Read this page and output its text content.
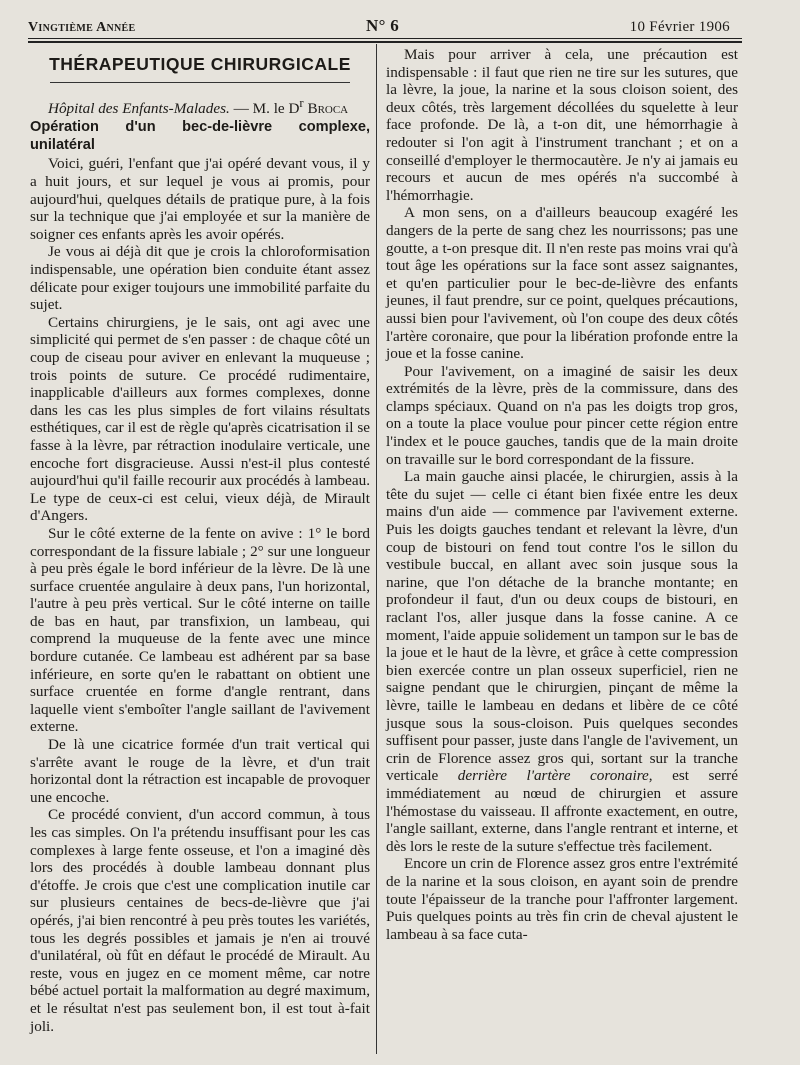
Vingtième Année	N° 6	10 Février 1906
THÉRAPEUTIQUE CHIRURGICALE

Hôpital des Enfants-Malades. — M. le $D^r$ Broca

Opération d'un bec-de-lièvre complexe, unilatéral

Voici, guéri, l'enfant que j'ai opéré devant vous, il y a huit jours, et sur lequel je vous ai promis, pour aujourd'hui, quelques détails de pratique pure, à la fois sur la technique que j'ai employée et sur la manière de soigner ces enfants après les avoir opérés.

Je vous ai déjà dit que je crois la chloroformisation indispensable, une opération bien conduite étant assez délicate pour exiger toujours une immobilité parfaite du sujet.

Certains chirurgiens, je le sais, ont agi avec une simplicité qui permet de s'en passer : de chaque côté un coup de ciseau pour aviver en enlevant la muqueuse ; trois points de suture. Ce procédé rudimentaire, inapplicable d'ailleurs aux formes complexes, donne dans les cas les plus simples de fort vilains résultats esthétiques, car il est de règle qu'après cicatrisation il se fasse à la lèvre, par rétraction inodulaire verticale, une encoche fort disgracieuse. Aussi n'est-il plus contesté aujourd'hui qu'il faille recourir aux procédés à lambeau. Le type de ceux-ci est celui, vieux déjà, de Mirault d'Angers.

Sur le côté externe de la fente on avive : 1° le bord correspondant de la fissure labiale ; 2° sur une longueur à peu près égale le bord inférieur de la lèvre. De là une surface cruentée angulaire à deux pans, l'un horizontal, l'autre à peu près vertical. Sur le côté interne on taille de bas en haut, par transfixion, un lambeau, qui comprend la muqueuse de la fente avec une mince bordure cutanée. Ce lambeau est adhérent par sa base inférieure, en sorte qu'en le rabattant on obtient une surface cruentée en forme d'angle rentrant, dans laquelle vient s'emboîter l'angle saillant de l'avivement externe.

De là une cicatrice formée d'un trait vertical qui s'arrête avant le rouge de la lèvre, et d'un trait horizontal dont la rétraction est incapable de provoquer une encoche.

Ce procédé convient, d'un accord commun, à tous les cas simples. On l'a prétendu insuffisant pour les cas complexes à large fente osseuse, et l'on a imaginé dès lors des procédés à double lambeau donnant plus d'étoffe. Je crois que c'est une complication inutile car sur plusieurs centaines de becs-de-lièvre que j'ai opérés, j'ai bien rencontré à peu près toutes les variétés, tous les degrés possibles et jamais je n'en ai trouvé d'unilatéral, où fût en défaut le procédé de Mirault. Au reste, vous en jugez en ce moment même, car notre bébé actuel portait la malformation au degré maximum, et le résultat n'est pas seulement bon, il est tout à-fait joli.

Mais pour arriver à cela, une précaution est indispensable : il faut que rien ne tire sur les sutures, que la lèvre, la joue, la narine et la sous cloison soient, des deux côtés, très largement décollées du squelette à leur face profonde. De là, a t-on dit, une hémorrhagie à redouter si l'on agit à l'instrument tranchant ; et on a conseillé d'employer le thermocautère. Je n'y ai jamais eu recours et aucun de mes opérés n'a succombé à l'hémorrhagie.

A mon sens, on a d'ailleurs beaucoup exagéré les dangers de la perte de sang chez les nourrissons; pas une goutte, a t-on presque dit. Il n'en reste pas moins vrai qu'à tout âge les opérations sur la face sont assez saignantes, et qu'en particulier pour le bec-de-lièvre des enfants jeunes, il faut prendre, sur ce point, quelques précautions, aussi bien pour l'avivement, où l'on coupe des deux côtés l'artère coronaire, que pour la libération profonde entre la joue et la fosse canine.

Pour l'avivement, on a imaginé de saisir les deux extrémités de la lèvre, près de la commissure, dans des clamps spéciaux. Quand on n'a pas les doigts trop gros, on a toute la place voulue pour pincer cette région entre l'index et le pouce gauches, tandis que de la main droite on travaille sur le bord correspondant de la fissure.

La main gauche ainsi placée, le chirurgien, assis à la tête du sujet — celle ci étant bien fixée entre les deux mains d'un aide — commence par l'avivement externe. Puis les doigts gauches tendant et relevant la lèvre, d'un coup de bistouri on fend tout contre l'os le sillon du vestibule buccal, en allant avec soin jusque sous la narine, que l'on détache de la branche montante; en profondeur il faut, d'un ou deux coups de bistouri, en raclant l'os, aller jusque dans la fosse canine. A ce moment, l'aide appuie solidement un tampon sur le bas de la joue et le haut de la lèvre, et grâce à cette compression bien exercée contre un plan osseux superficiel, rien ne saigne pendant que le chirurgien, pinçant de même la lèvre, taille le lambeau en dedans et libère de ce côté jusque sous la sous-cloison. Puis quelques secondes suffisent pour passer, juste dans l'angle de l'avivement, un crin de Florence assez gros qui, sortant sur la tranche verticale derrière l'artère coronaire, est serré immédiatement au nœud de chirurgien et assure l'hémostase du vaisseau. Il affronte exactement, en outre, l'angle saillant, externe, dans l'angle rentrant et interne, et dès lors le reste de la suture s'effectue très facilement.

Encore un crin de Florence assez gros entre l'extrémité de la narine et la sous cloison, en ayant soin de prendre toute l'épaisseur de la tranche pour l'affronter largement. Puis quelques points au très fin crin de cheval ajustent le lambeau à sa face cuta-
